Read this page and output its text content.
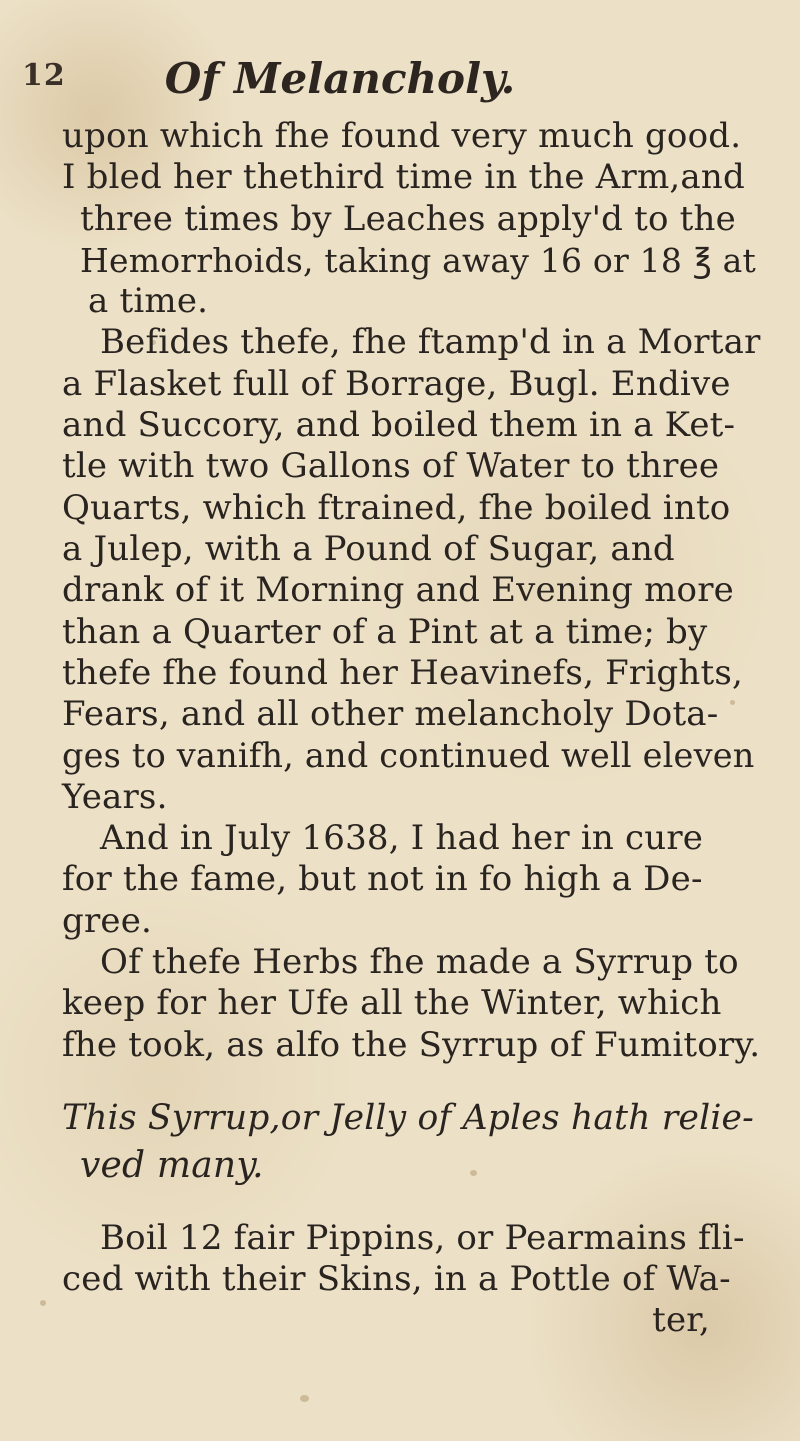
12	Of Melancholy.
upon which fhe found very much good.
I bled her thethird time in the Arm,and
three times by Leaches apply'd to the
Hemorrhoids, taking away 16 or 18 ℥ at
a time.
Befides thefe, fhe ftamp'd in a Mortar
a Flasket full of Borrage, Bugl. Endive
and Succory, and boiled them in a Ket-
tle with two Gallons of Water to three
Quarts, which ftrained, fhe boiled into
a Julep, with a Pound of Sugar, and
drank of it Morning and Evening more
than a Quarter of a Pint at a time; by
thefe fhe found her Heavinefs, Frights,
Fears, and all other melancholy Dota-
ges to vanifh, and continued well eleven
Years.
And in July 1638, I had her in cure
for the fame, but not in fo high a De-
gree.
Of thefe Herbs fhe made a Syrrup to
keep for her Ufe all the Winter, which
fhe took, as alfo the Syrrup of Fumitory.
This Syrrup,or Jelly of Aples hath relie-
ved many.
Boil 12 fair Pippins, or Pearmains fli-
ced with their Skins, in a Pottle of Wa-
ter,
